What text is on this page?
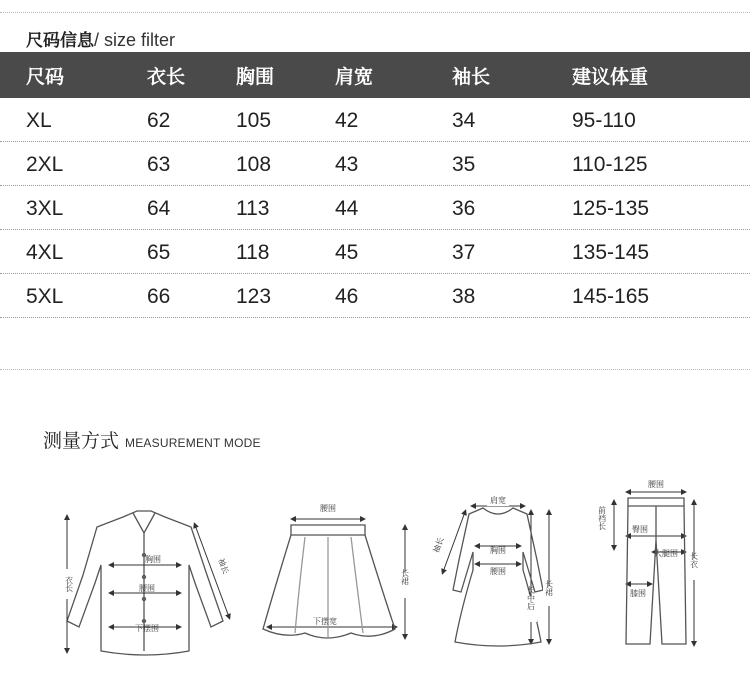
尺码信息/ size filter
尺码	衣长	胸围	肩宽	袖长	建议体重
XL	62	105	42	34	95-110
2XL	63	108	43	35	110-125
3XL	64	113	44	36	125-135
4XL	65	118	45	37	135-145
5XL	66	123	46	38	145-165
测量方式 MEASUREMENT MODE
衣长
胸围
腰围
下摆围
袖长
腰围
长裙
下摆宽
肩宽
袖长	胸围
腰围
长裙
长中后
腰围
前裆长	臀围
大腿围 长衣
膝围
